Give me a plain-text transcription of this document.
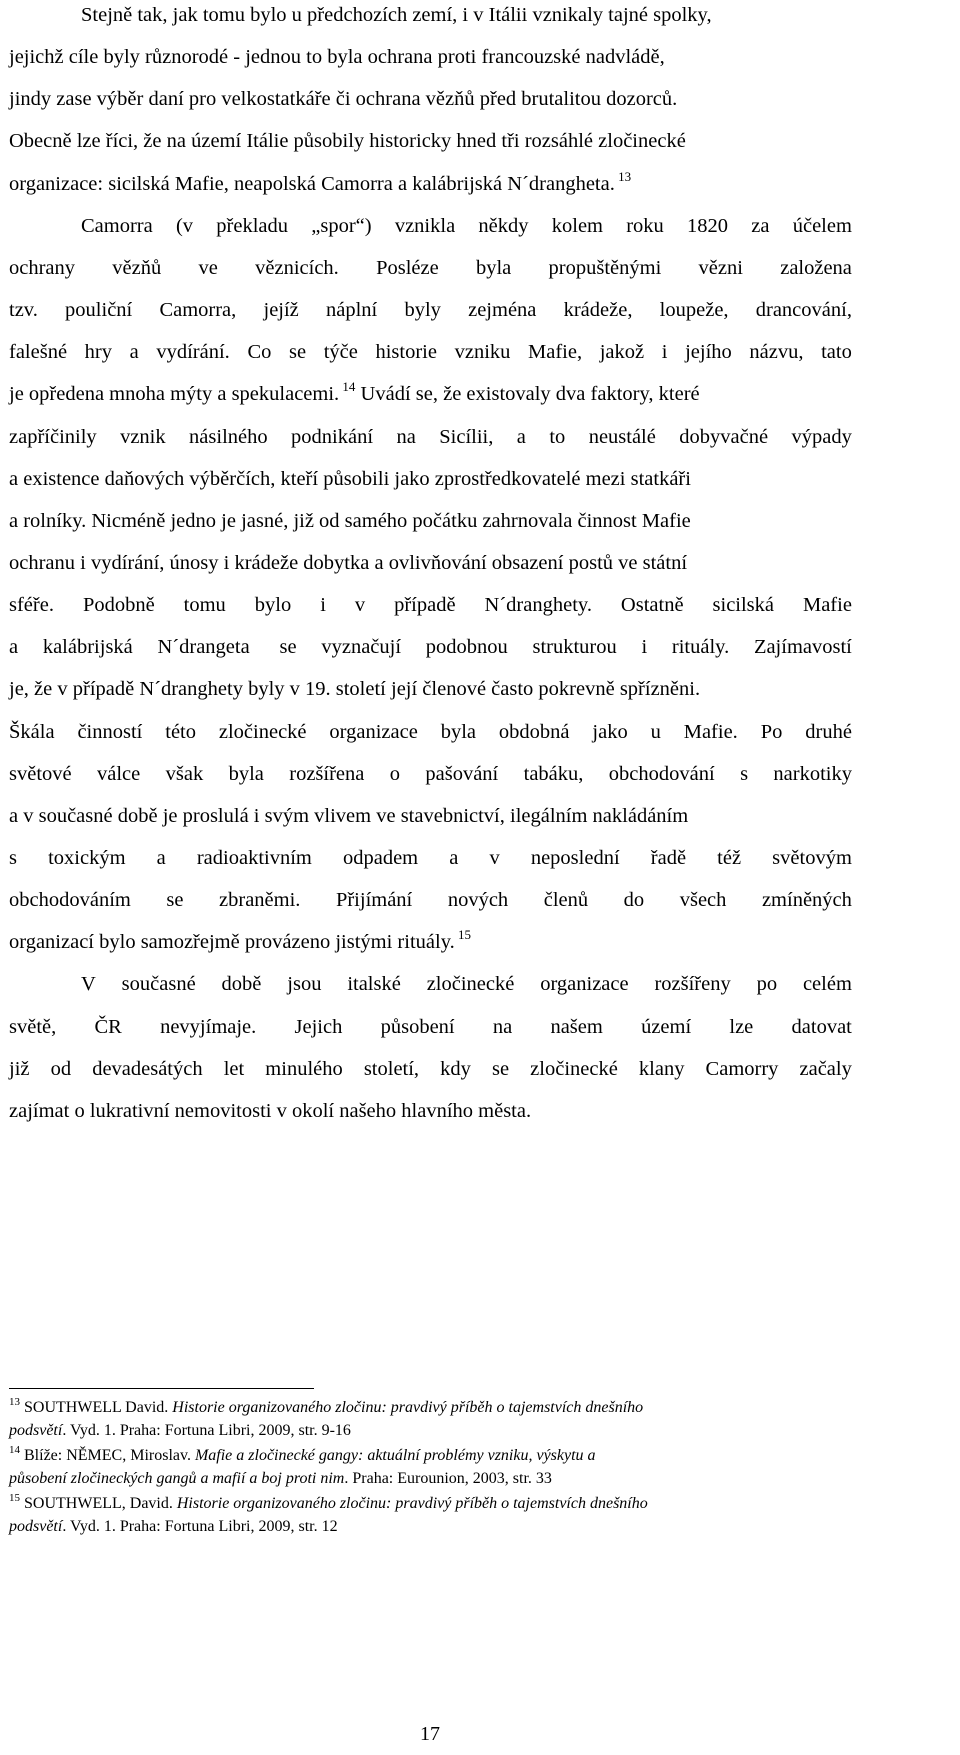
Stejně tak, jak tomu bylo u předchozích zemí, i v Itálii vznikaly tajné spolky,
jejichž cíle byly různorodé - jednou to byla ochrana proti francouzské nadvládě,
jindy zase výběr daní pro velkostatkáře či ochrana vězňů před brutalitou dozorců.
Obecně lze říci, že na území Itálie působily historicky hned tři rozsáhlé zločinecké
organizace: sicilská Mafie, neapolská Camorra a kalábrijská N´drangheta. $^{13}$
Camorra (v překladu „spor“) vznikla někdy kolem roku 1820 za účelem
ochrany vězňů ve věznicích. Posléze byla propuštěnými vězni založena
tzv. pouliční Camorra, jejíž náplní byly zejména krádeže, loupeže, drancování,
falešné hry a vydírání. Co se týče historie vzniku Mafie, jakož i jejího názvu, tato
je opředena mnoha mýty a spekulacemi. $^{14}$ Uvádí se, že existovaly dva faktory, které
zapříčinily vznik násilného podnikání na Sicílii, a to neustálé dobyvačné výpady
a existence daňových výběrčích, kteří působili jako zprostředkovatelé mezi statkáři
a rolníky. Nicméně jedno je jasné, již od samého počátku zahrnovala činnost Mafie
ochranu i vydírání, únosy i krádeže dobytka a ovlivňování obsazení postů ve státní
sféře. Podobně tomu bylo i v případě N´dranghety. Ostatně sicilská Mafie
a kalábrijská N´drangeta se vyznačují podobnou strukturou i rituály. Zajímavostí
je, že v případě N´dranghety byly v 19. století její členové často pokrevně spřízněni.
Škála činností této zločinecké organizace byla obdobná jako u Mafie. Po druhé
světové válce však byla rozšířena o pašování tabáku, obchodování s narkotiky
a v současné době je proslulá i svým vlivem ve stavebnictví, ilegálním nakládáním
s toxickým a radioaktivním odpadem a v neposlední řadě též světovým
obchodováním se zbraněmi. Přijímání nových členů do všech zmíněných
organizací bylo samozřejmě provázeno jistými rituály. $^{15}$
V současné době jsou italské zločinecké organizace rozšířeny po celém
světě, ČR nevyjímaje. Jejich působení na našem území lze datovat
již od devadesátých let minulého století, kdy se zločinecké klany Camorry začaly
zajímat o lukrativní nemovitosti v okolí našeho hlavního města.
$^{13}$ SOUTHWELL David. Historie organizovaného zločinu: pravdivý příběh o tajemstvích dnešního
podsvětí. Vyd. 1. Praha: Fortuna Libri, 2009, str. 9-16
$^{14}$ Blíže: NĚMEC, Miroslav. Mafie a zločinecké gangy: aktuální problémy vzniku, výskytu a
působení zločineckých gangů a mafií a boj proti nim. Praha: Eurounion, 2003, str. 33
$^{15}$ SOUTHWELL, David. Historie organizovaného zločinu: pravdivý příběh o tajemstvích dnešního
podsvětí. Vyd. 1. Praha: Fortuna Libri, 2009, str. 12
17
